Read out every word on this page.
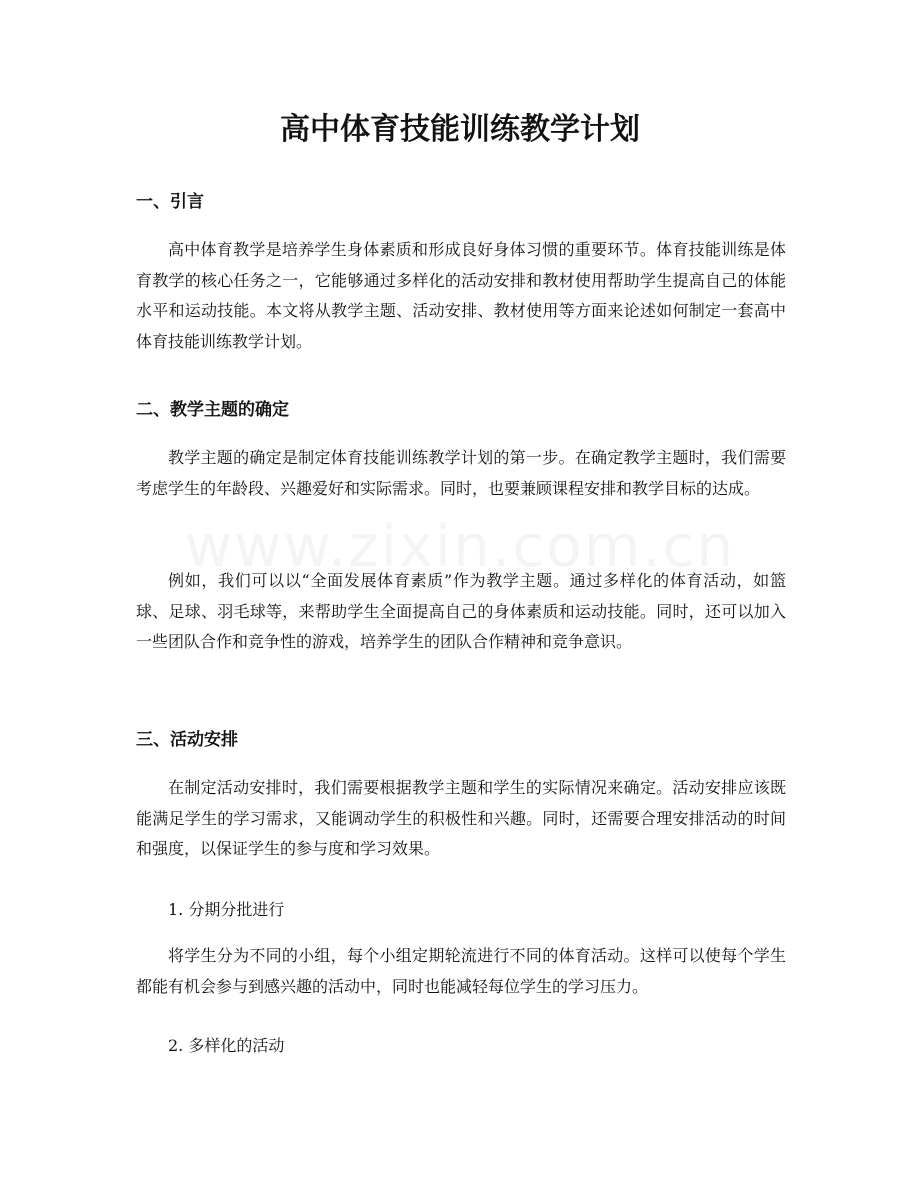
高中体育技能训练教学计划
一、引言

高中体育教学是培养学生身体素质和形成良好身体习惯的重要环节。体育技能训练是体育教学的核心任务之一，它能够通过多样化的活动安排和教材使用帮助学生提高自己的体能水平和运动技能。本文将从教学主题、活动安排、教材使用等方面来论述如何制定一套高中体育技能训练教学计划。

二、教学主题的确定

教学主题的确定是制定体育技能训练教学计划的第一步。在确定教学主题时，我们需要考虑学生的年龄段、兴趣爱好和实际需求。同时，也要兼顾课程安排和教学目标的达成。

例如，我们可以以“全面发展体育素质”作为教学主题。通过多样化的体育活动，如篮球、足球、羽毛球等，来帮助学生全面提高自己的身体素质和运动技能。同时，还可以加入一些团队合作和竞争性的游戏，培养学生的团队合作精神和竞争意识。

三、活动安排

在制定活动安排时，我们需要根据教学主题和学生的实际情况来确定。活动安排应该既能满足学生的学习需求，又能调动学生的积极性和兴趣。同时，还需要合理安排活动的时间和强度，以保证学生的参与度和学习效果。

1. 分期分批进行

将学生分为不同的小组，每个小组定期轮流进行不同的体育活动。这样可以使每个学生都能有机会参与到感兴趣的活动中，同时也能减轻每位学生的学习压力。

2. 多样化的活动
